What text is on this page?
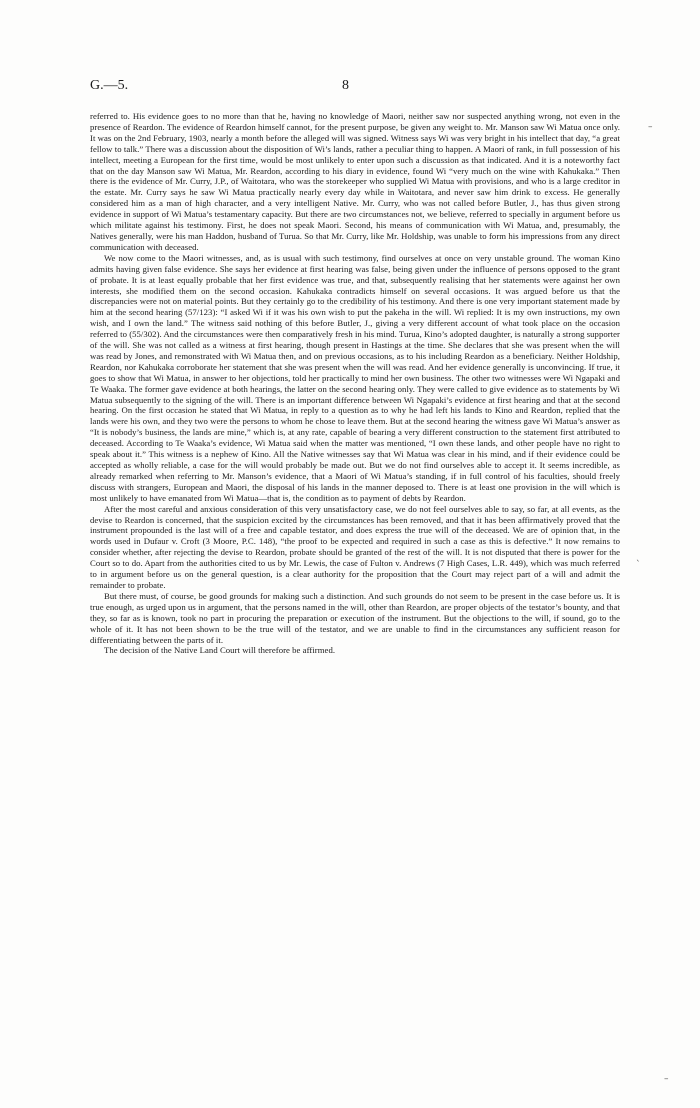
G.—5.	8

referred to. His evidence goes to no more than that he, having no knowledge of Maori, neither saw nor suspected anything wrong, not even in the presence of Reardon. The evidence of Reardon himself cannot, for the present purpose, be given any weight to. Mr. Manson saw Wi Matua once only. It was on the 2nd February, 1903, nearly a month before the alleged will was signed. Witness says Wi was very bright in his intellect that day, “a great fellow to talk.” There was a discussion about the disposition of Wi’s lands, rather a peculiar thing to happen. A Maori of rank, in full possession of his intellect, meeting a European for the first time, would be most unlikely to enter upon such a discussion as that indicated. And it is a noteworthy fact that on the day Manson saw Wi Matua, Mr. Reardon, according to his diary in evidence, found Wi “very much on the wine with Kahukaka.” Then there is the evidence of Mr. Curry, J.P., of Waitotara, who was the storekeeper who supplied Wi Matua with provisions, and who is a large creditor in the estate. Mr. Curry says he saw Wi Matua practically nearly every day while in Waitotara, and never saw him drink to excess. He generally considered him as a man of high character, and a very intelligent Native. Mr. Curry, who was not called before Butler, J., has thus given strong evidence in support of Wi Matua’s testamentary capacity. But there are two circumstances not, we believe, referred to specially in argument before us which militate against his testimony. First, he does not speak Maori. Second, his means of communication with Wi Matua, and, presumably, the Natives generally, were his man Haddon, husband of Turua. So that Mr. Curry, like Mr. Holdship, was unable to form his impressions from any direct communication with deceased.

We now come to the Maori witnesses, and, as is usual with such testimony, find ourselves at once on very unstable ground. The woman Kino admits having given false evidence. She says her evidence at first hearing was false, being given under the influence of persons opposed to the grant of probate. It is at least equally probable that her first evidence was true, and that, subsequently realising that her statements were against her own interests, she modified them on the second occasion. Kahukaka contradicts himself on several occasions. It was argued before us that the discrepancies were not on material points. But they certainly go to the credibility of his testimony. And there is one very important statement made by him at the second hearing (57/123): “I asked Wi if it was his own wish to put the pakeha in the will. Wi replied: It is my own instructions, my own wish, and I own the land.” The witness said nothing of this before Butler, J., giving a very different account of what took place on the occasion referred to (55/302). And the circumstances were then comparatively fresh in his mind. Turua, Kino’s adopted daughter, is naturally a strong supporter of the will. She was not called as a witness at first hearing, though present in Hastings at the time. She declares that she was present when the will was read by Jones, and remonstrated with Wi Matua then, and on previous occasions, as to his including Reardon as a beneficiary. Neither Holdship, Reardon, nor Kahukaka corroborate her statement that she was present when the will was read. And her evidence generally is unconvincing. If true, it goes to show that Wi Matua, in answer to her objections, told her practically to mind her own business. The other two witnesses were Wi Ngapaki and Te Waaka. The former gave evidence at both hearings, the latter on the second hearing only. They were called to give evidence as to statements by Wi Matua subsequently to the signing of the will. There is an important difference between Wi Ngapaki’s evidence at first hearing and that at the second hearing. On the first occasion he stated that Wi Matua, in reply to a question as to why he had left his lands to Kino and Reardon, replied that the lands were his own, and they two were the persons to whom he chose to leave them. But at the second hearing the witness gave Wi Matua’s answer as “It is nobody’s business, the lands are mine,” which is, at any rate, capable of bearing a very different construction to the statement first attributed to deceased. According to Te Waaka’s evidence, Wi Matua said when the matter was mentioned, “I own these lands, and other people have no right to speak about it.” This witness is a nephew of Kino. All the Native witnesses say that Wi Matua was clear in his mind, and if their evidence could be accepted as wholly reliable, a case for the will would probably be made out. But we do not find ourselves able to accept it. It seems incredible, as already remarked when referring to Mr. Manson’s evidence, that a Maori of Wi Matua’s standing, if in full control of his faculties, should freely discuss with strangers, European and Maori, the disposal of his lands in the manner deposed to. There is at least one provision in the will which is most unlikely to have emanated from Wi Matua—that is, the condition as to payment of debts by Reardon.

After the most careful and anxious consideration of this very unsatisfactory case, we do not feel ourselves able to say, so far, at all events, as the devise to Reardon is concerned, that the suspicion excited by the circumstances has been removed, and that it has been affirmatively proved that the instrument propounded is the last will of a free and capable testator, and does express the true will of the deceased. We are of opinion that, in the words used in Dufaur v. Croft (3 Moore, P.C. 148), “the proof to be expected and required in such a case as this is defective.” It now remains to consider whether, after rejecting the devise to Reardon, probate should be granted of the rest of the will. It is not disputed that there is power for the Court so to do. Apart from the authorities cited to us by Mr. Lewis, the case of Fulton v. Andrews (7 High Cases, L.R. 449), which was much referred to in argument before us on the general question, is a clear authority for the proposition that the Court may reject part of a will and admit the remainder to probate.

But there must, of course, be good grounds for making such a distinction. And such grounds do not seem to be present in the case before us. It is true enough, as urged upon us in argument, that the persons named in the will, other than Reardon, are proper objects of the testator’s bounty, and that they, so far as is known, took no part in procuring the preparation or execution of the instrument. But the objections to the will, if sound, go to the whole of it. It has not been shown to be the true will of the testator, and we are unable to find in the circumstances any sufficient reason for differentiating between the parts of it.

The decision of the Native Land Court will therefore be affirmed.

–
`
–
